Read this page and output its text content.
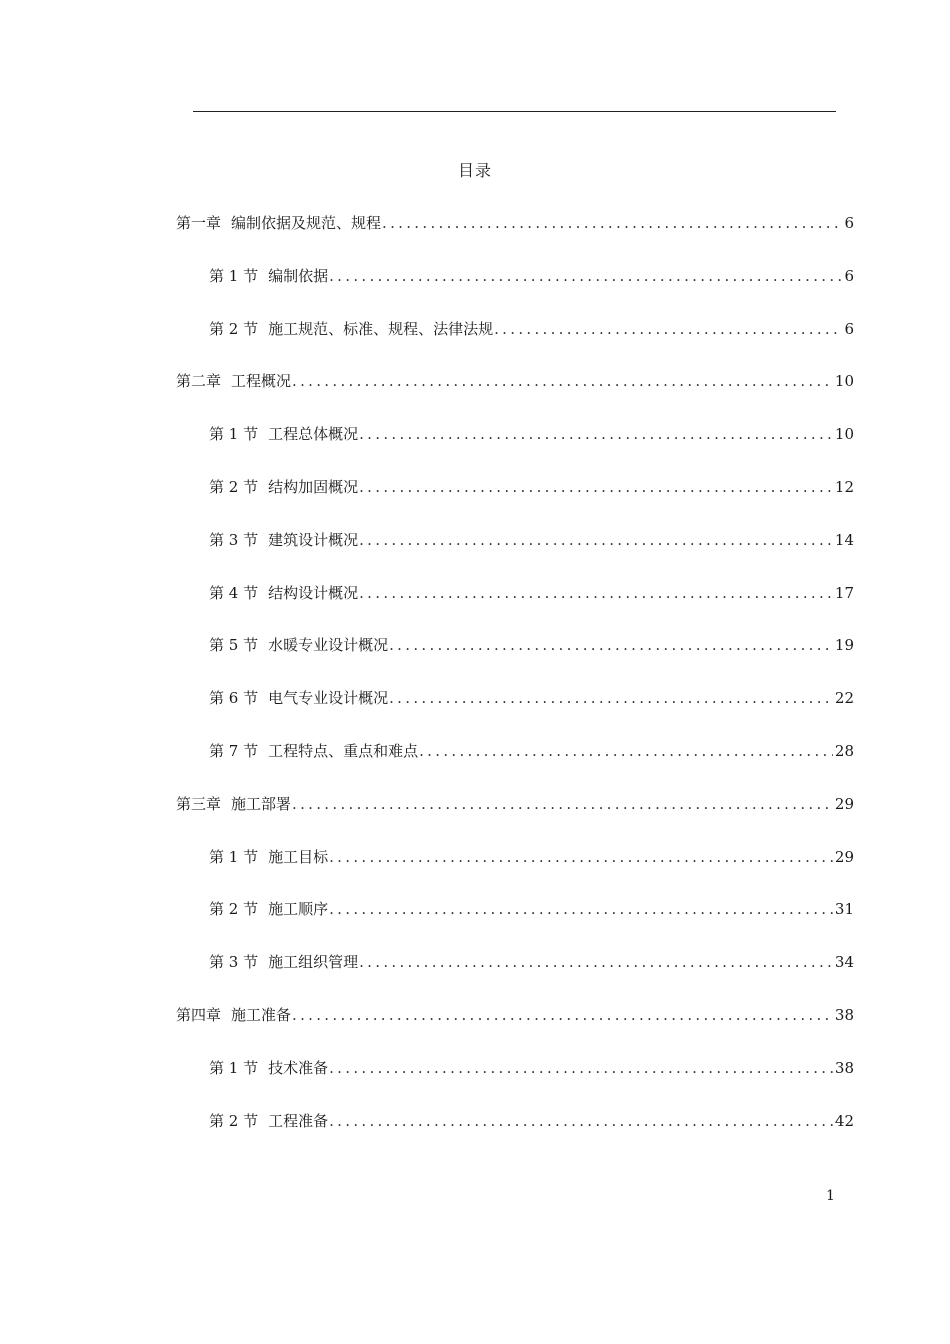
目录
第一章 编制依据及规范、规程 .....	6
第 1 节 编制依据 .....	6
第 2 节 施工规范、标准、规程、法律法规 .....	6
第二章 工程概况 .....	10
第 1 节 工程总体概况 .....	10
第 2 节 结构加固概况 .....	12
第 3 节 建筑设计概况 .....	14
第 4 节 结构设计概况 .....	17
第 5 节 水暖专业设计概况 .....	19
第 6 节 电气专业设计概况 .....	22
第 7 节 工程特点、重点和难点 .....	28
第三章 施工部署 .....	29
第 1 节 施工目标 .....	29
第 2 节 施工顺序 .....	31
第 3 节 施工组织管理 .....	34
第四章 施工准备 .....	38
第 1 节 技术准备 .....	38
第 2 节 工程准备 .....	42
1
